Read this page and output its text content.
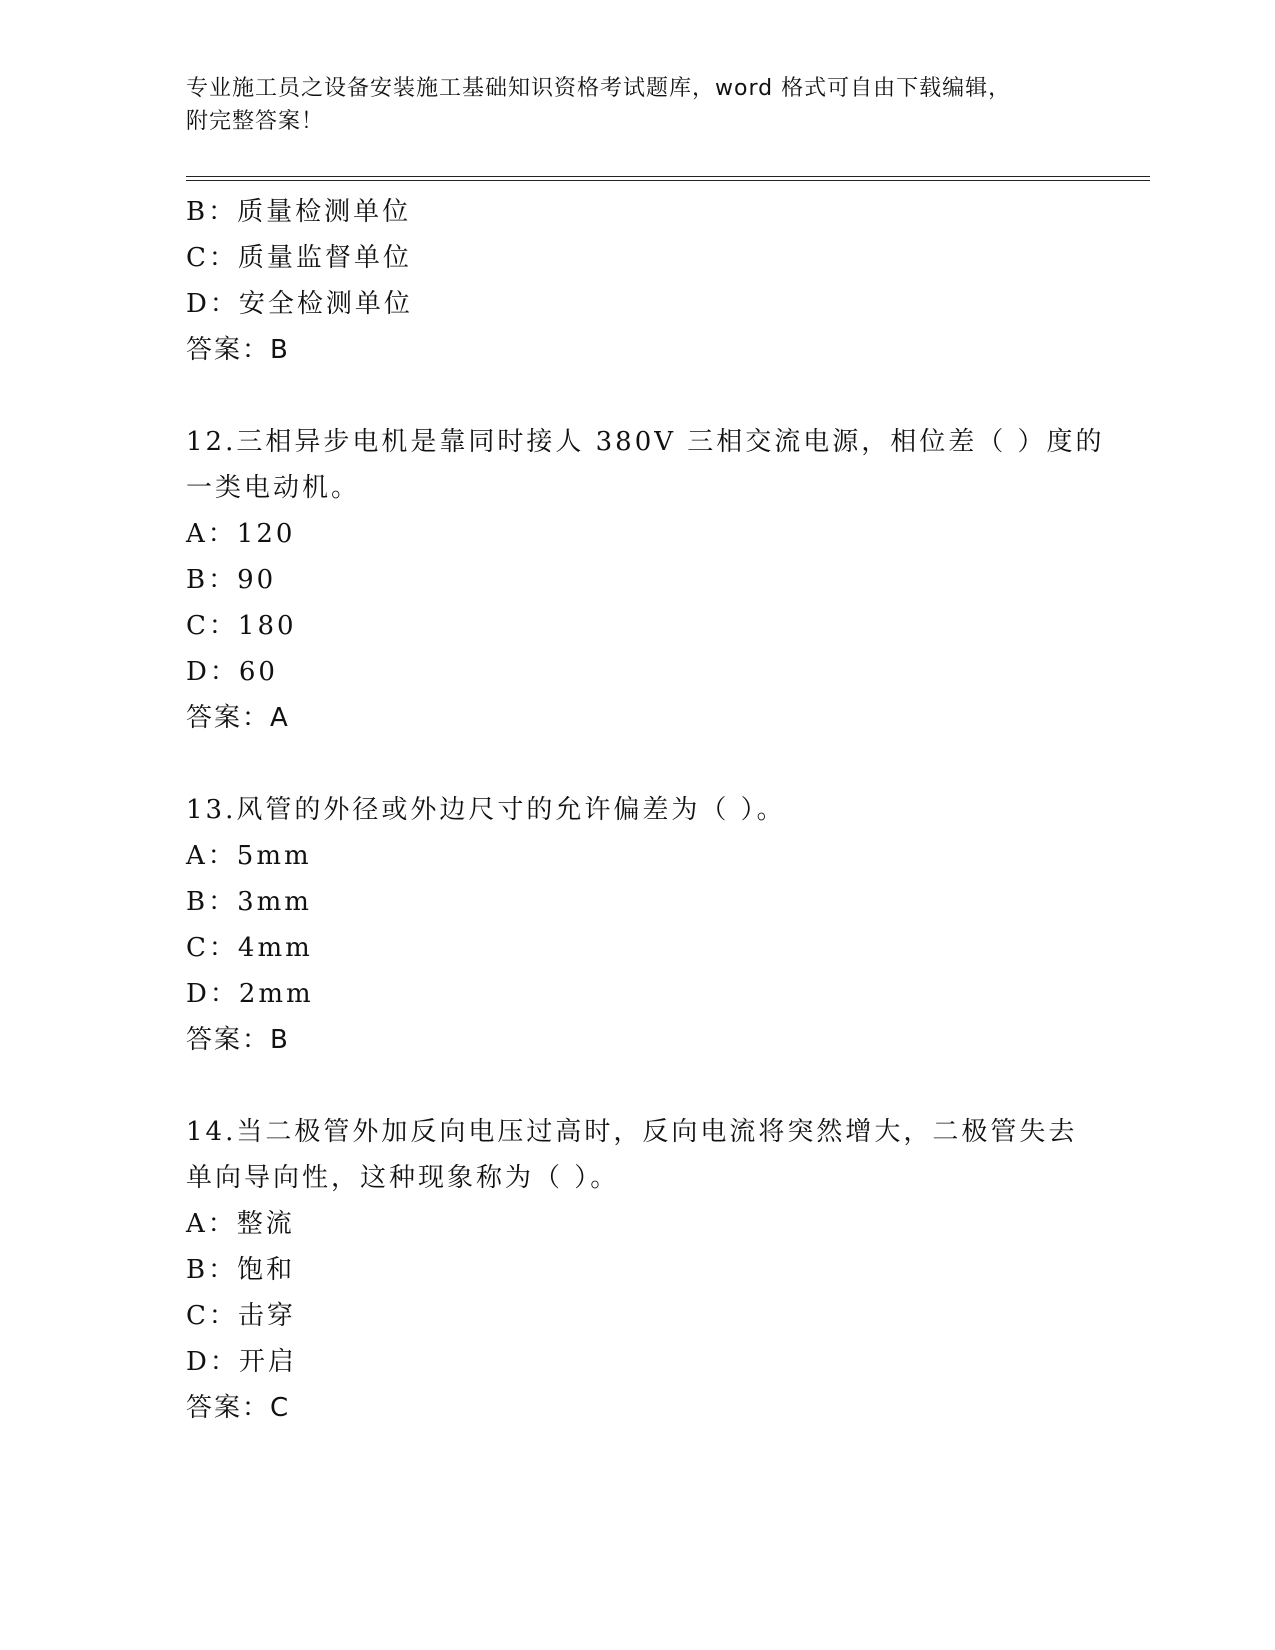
专业施工员之设备安装施工基础知识资格考试题库，word 格式可自由下载编辑，
附完整答案！
B：质量检测单位
C：质量监督单位
D：安全检测单位
答案：B
12.三相异步电机是靠同时接人 380V 三相交流电源，相位差（ ）度的
一类电动机。
A：120
B：90
C：180
D：60
答案：A
13.风管的外径或外边尺寸的允许偏差为（ ）。
A：5mm
B：3mm
C：4mm
D：2mm
答案：B
14.当二极管外加反向电压过高时，反向电流将突然增大，二极管失去
单向导向性，这种现象称为（ ）。
A：整流
B：饱和
C：击穿
D：开启
答案：C
